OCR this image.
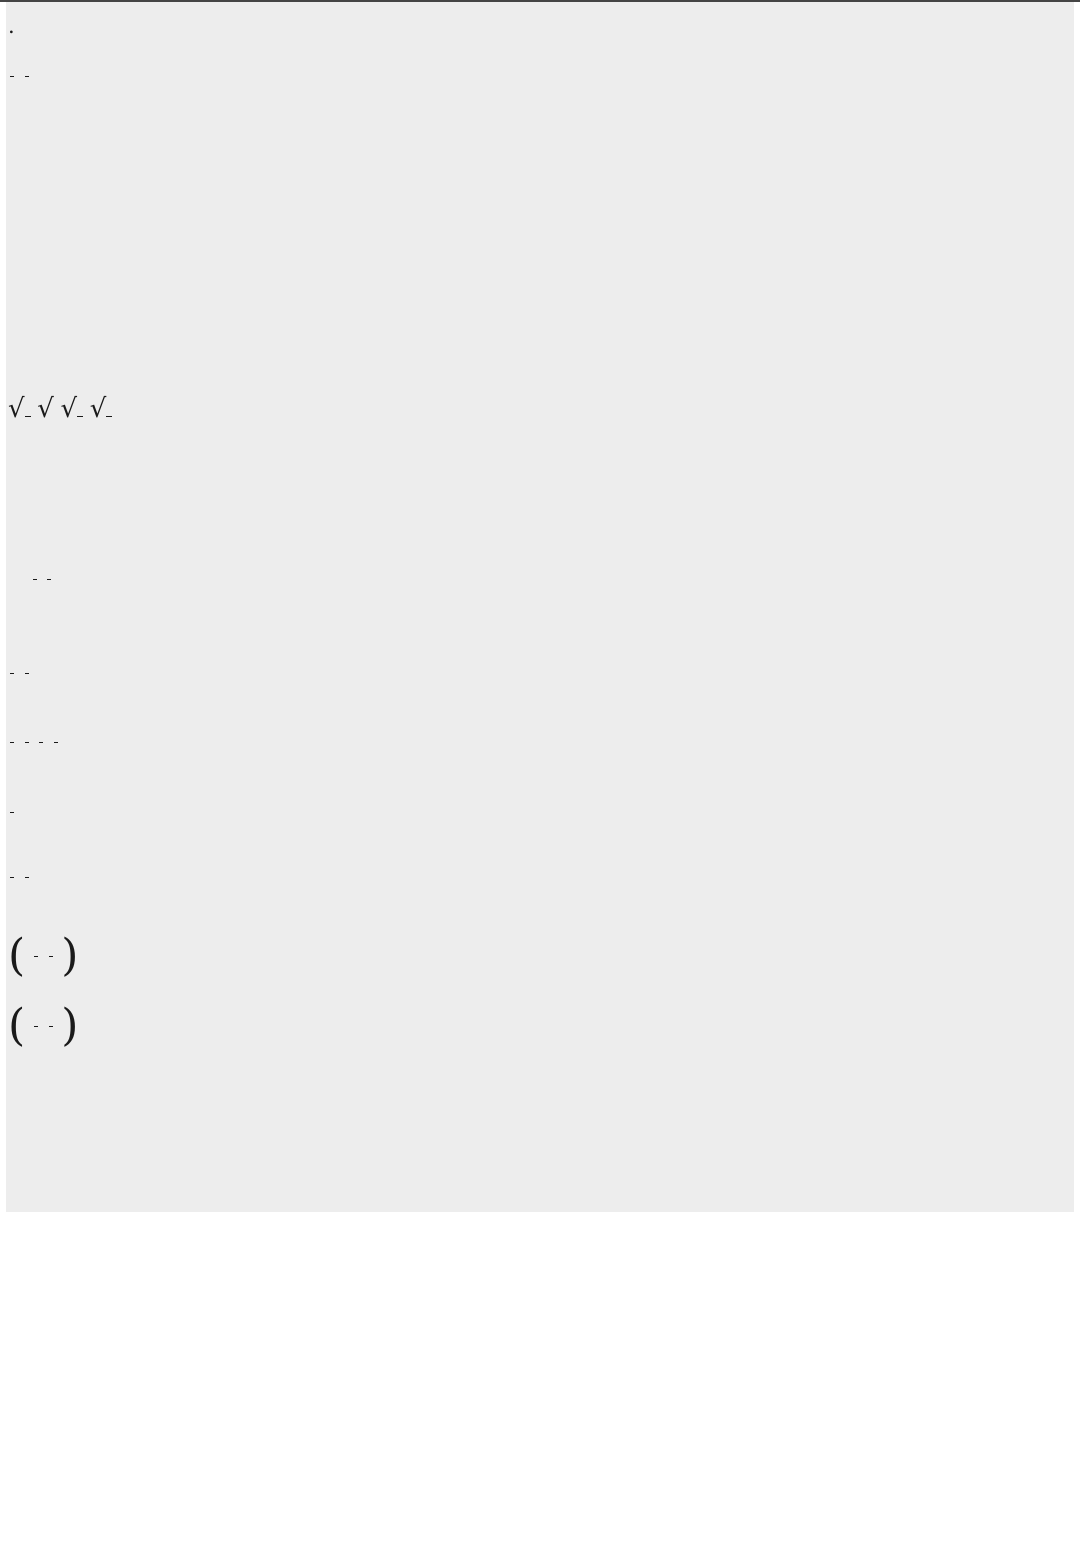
.

√ √ √ √

(
)
(
)
